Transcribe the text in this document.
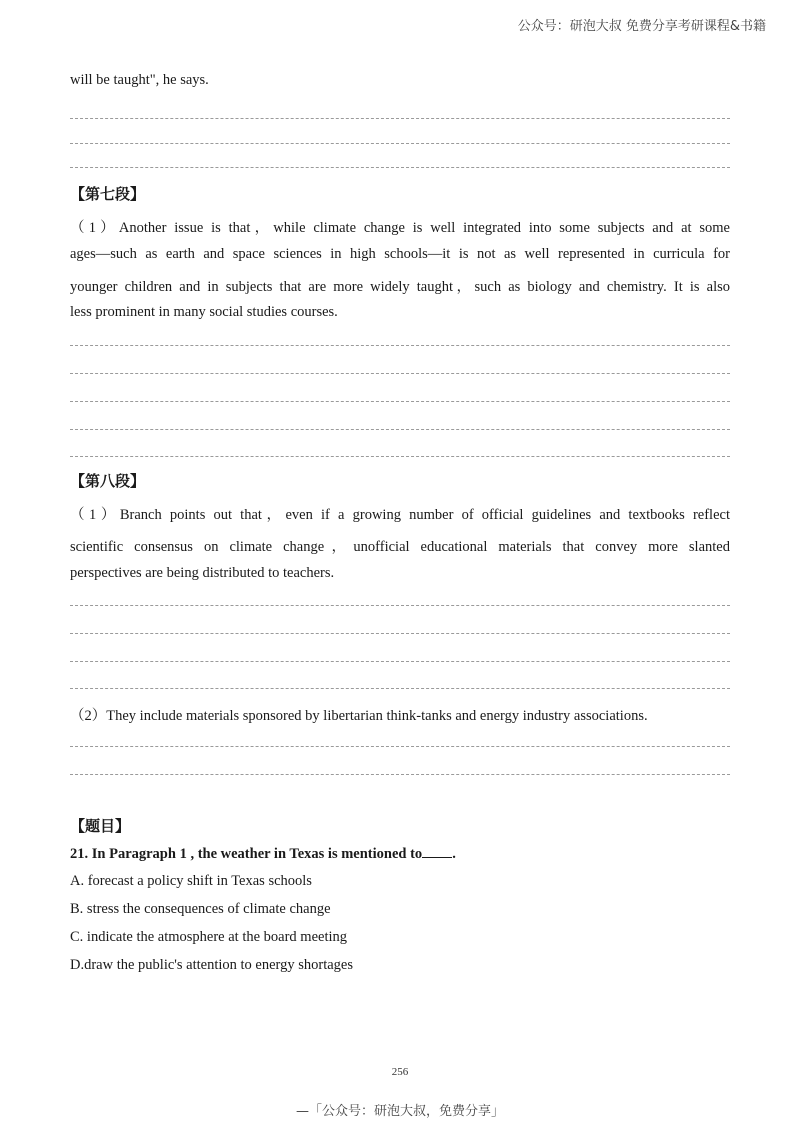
公众号：研泡大叔 免费分享考研课程&书籍
will be taught", he says.
【第七段】
（1）Another issue is that，while climate change is well integrated into some subjects and at some
ages—such as earth and space sciences in high schools—it is not as well represented in curricula for
younger children and in subjects that are more widely taught，such as biology and chemistry. It is also
less prominent in many social studies courses.
【第八段】
（1）Branch points out that，even if a growing number of official guidelines and textbooks reflect
scientific consensus on climate change，unofficial educational materials that convey more slanted
perspectives are being distributed to teachers.
（2）They include materials sponsored by libertarian think-tanks and energy industry associations.
【题目】
21. In Paragraph 1 , the weather in Texas is mentioned to .
A. forecast a policy shift in Texas schools
B. stress the consequences of climate change
C. indicate the atmosphere at the board meeting
D.draw the public's attention to energy shortages
256
—「公众号：研泡大叔，免费分享」
